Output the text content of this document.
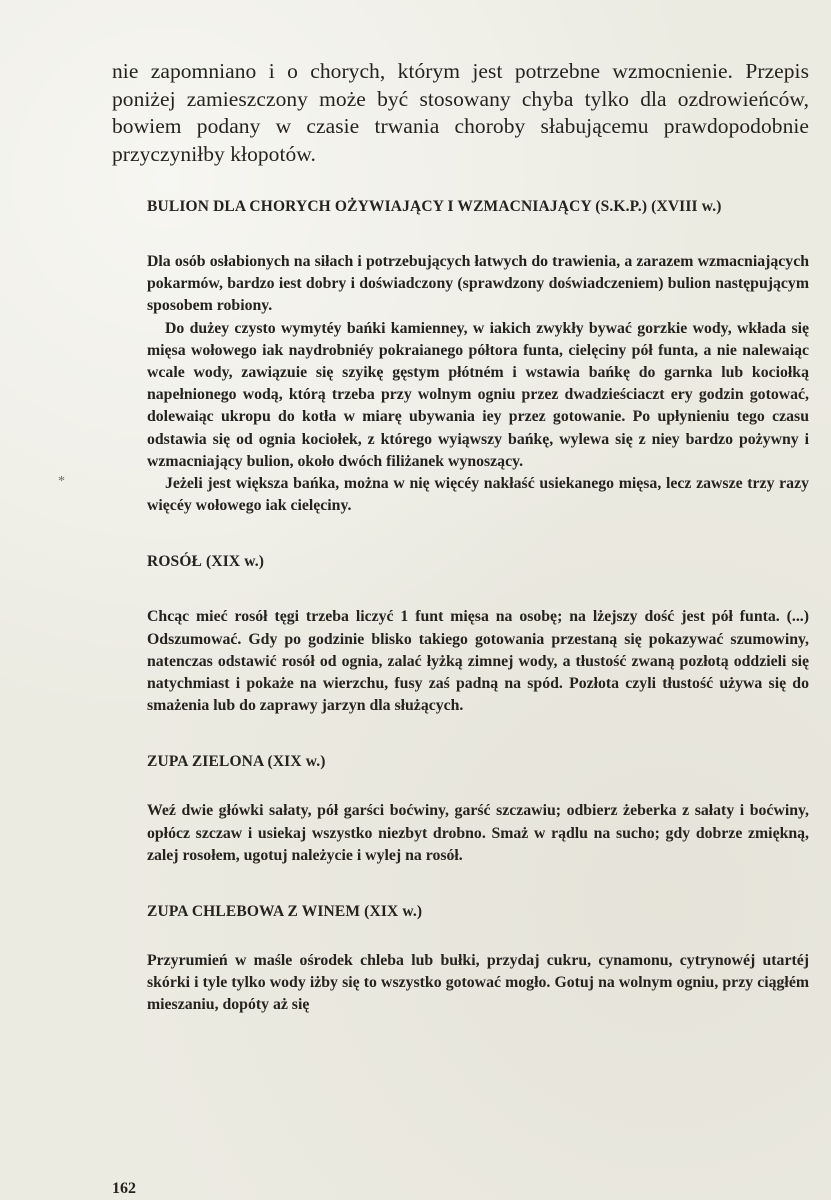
nie zapomniano i o chorych, którym jest potrzebne wzmocnienie. Przepis poniżej zamieszczony może być stosowany chyba tylko dla ozdrowieńców, bowiem podany w czasie trwania choroby słabującemu prawdopodobnie przyczyniłby kłopotów.

BULION DLA CHORYCH OŻYWIAJĄCY I WZMACNIAJĄCY (S.K.P.) (XVIII w.)

Dla osób osłabionych na siłach i potrzebujących łatwych do trawienia, a zarazem wzmacniających pokarmów, bardzo iest dobry i doświadczony (sprawdzony doświadczeniem) bulion następującym sposobem robiony.

Do dużey czysto wymytéy bańki kamienney, w iakich zwykły bywać gorzkie wody, wkłada się mięsa wołowego iak naydrobniéy pokraianego półtora funta, cielęciny pół funta, a nie nalewaiąc wcale wody, zawiązuie się szyikę gęstym płótném i wstawia bańkę do garnka lub kociołką napełnionego wodą, którą trzeba przy wolnym ogniu przez dwadzieściaczt ery godzin gotować, dolewaiąc ukropu do kotła w miarę ubywania iey przez gotowanie. Po upłynieniu tego czasu odstawia się od ognia kociołek, z którego wyiąwszy bańkę, wylewa się z niey bardzo pożywny i wzmacniający bulion, około dwóch filiżanek wynoszący.

Jeżeli jest większa bańka, można w nię więcéy nakłaść usiekanego mięsa, lecz zawsze trzy razy więcéy wołowego iak cielęciny.

ROSÓŁ (XIX w.)

Chcąc mieć rosół tęgi trzeba liczyć 1 funt mięsa na osobę; na lżejszy dość jest pół funta. (...) Odszumować. Gdy po godzinie blisko takiego gotowania przestaną się pokazywać szumowiny, natenczas odstawić rosół od ognia, zalać łyżką zimnej wody, a tłustość zwaną pozłotą oddzieli się natychmiast i pokaże na wierzchu, fusy zaś padną na spód. Pozłota czyli tłustość używa się do smażenia lub do zaprawy jarzyn dla służących.

ZUPA ZIELONA (XIX w.)

Weź dwie główki sałaty, pół garści boćwiny, garść szczawiu; odbierz żeberka z sałaty i boćwiny, opłócz szczaw i usiekaj wszystko niezbyt drobno. Smaż w rądlu na sucho; gdy dobrze zmiękną, zalej rosołem, ugotuj należycie i wylej na rosół.

ZUPA CHLEBOWA Z WINEM (XIX w.)

Przyrumień w maśle ośrodek chleba lub bułki, przydaj cukru, cynamonu, cytrynowéj utartéj skórki i tyle tylko wody iżby się to wszystko gotować mogło. Gotuj na wolnym ogniu, przy ciągłém mieszaniu, dopóty aż się

*
162
